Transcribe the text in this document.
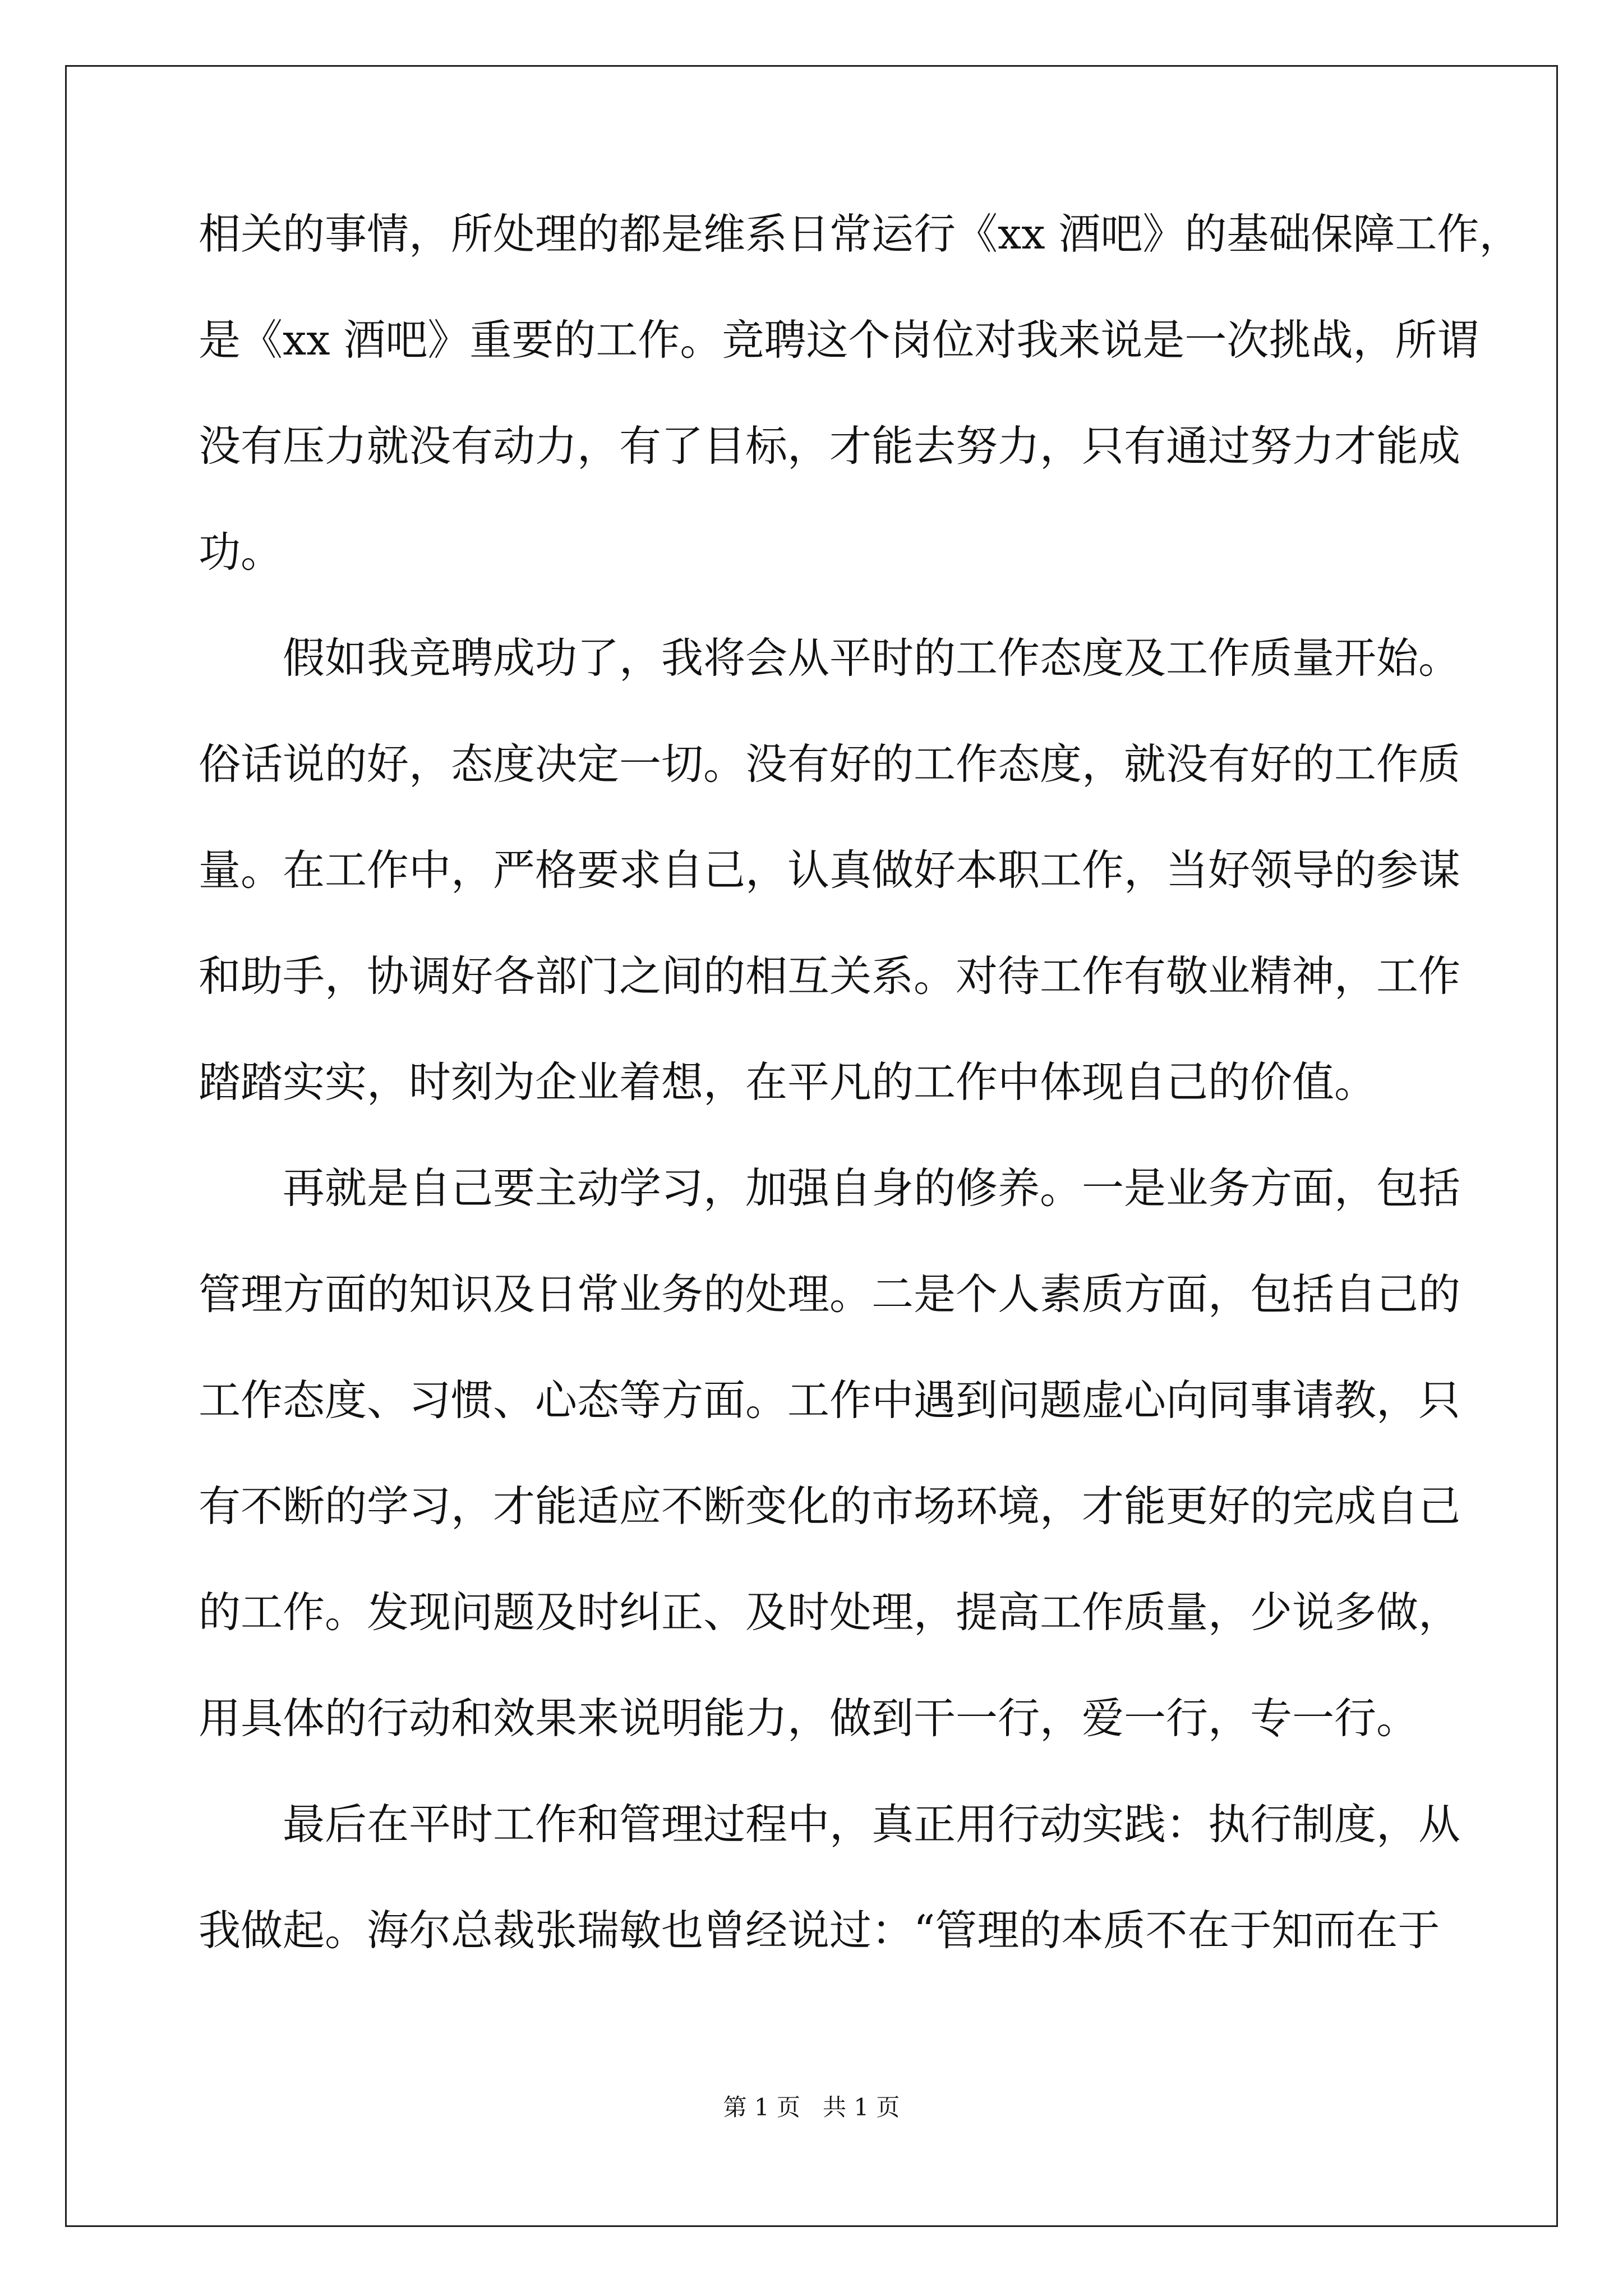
相关的事情，所处理的都是维系日常运行《xx 酒吧》的基础保障工作，
是《xx 酒吧》重要的工作。竞聘这个岗位对我来说是一次挑战，所谓
没有压力就没有动力，有了目标，才能去努力，只有通过努力才能成
功。
假如我竞聘成功了，我将会从平时的工作态度及工作质量开始。
俗话说的好，态度决定一切。没有好的工作态度，就没有好的工作质
量。在工作中，严格要求自己，认真做好本职工作，当好领导的参谋
和助手，协调好各部门之间的相互关系。对待工作有敬业精神，工作
踏踏实实，时刻为企业着想，在平凡的工作中体现自己的价值。
再就是自己要主动学习，加强自身的修养。一是业务方面，包括
管理方面的知识及日常业务的处理。二是个人素质方面，包括自己的
工作态度、习惯、心态等方面。工作中遇到问题虚心向同事请教，只
有不断的学习，才能适应不断变化的市场环境，才能更好的完成自己
的工作。发现问题及时纠正、及时处理，提高工作质量，少说多做，
用具体的行动和效果来说明能力，做到干一行，爱一行，专一行。
最后在平时工作和管理过程中，真正用行动实践：执行制度，从
我做起。海尔总裁张瑞敏也曾经说过：“管理的本质不在于知而在于
第 1 页 共 1 页
